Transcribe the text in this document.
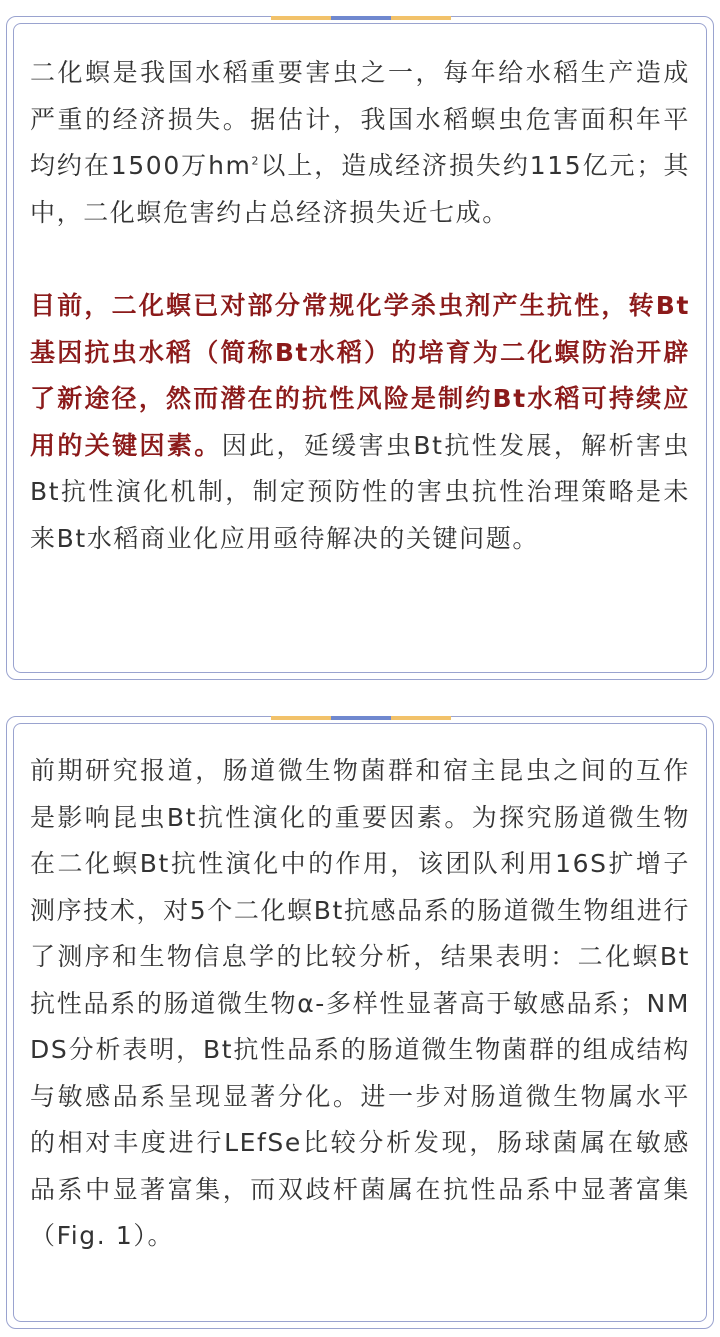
二化螟是我国水稻重要害虫之一，每年给水稻生产造成严重的经济损失。据估计，我国水稻螟虫危害面积年平均约在1500万$hm^2$以上，造成经济损失约115亿元；其中，二化螟危害约占总经济损失近七成。

目前，二化螟已对部分常规化学杀虫剂产生抗性，转Bt基因抗虫水稻（简称Bt水稻）的培育为二化螟防治开辟了新途径，然而潜在的抗性风险是制约Bt水稻可持续应用的关键因素。因此，延缓害虫Bt抗性发展，解析害虫Bt抗性演化机制，制定预防性的害虫抗性治理策略是未来Bt水稻商业化应用亟待解决的关键问题。

前期研究报道，肠道微生物菌群和宿主昆虫之间的互作是影响昆虫Bt抗性演化的重要因素。为探究肠道微生物在二化螟Bt抗性演化中的作用，该团队利用16S扩增子测序技术，对5个二化螟Bt抗感品系的肠道微生物组进行了测序和生物信息学的比较分析，结果表明：二化螟Bt抗性品系的肠道微生物α-多样性显著高于敏感品系；NMDS分析表明，Bt抗性品系的肠道微生物菌群的组成结构与敏感品系呈现显著分化。进一步对肠道微生物属水平的相对丰度进行LEfSe比较分析发现，肠球菌属在敏感品系中显著富集，而双歧杆菌属在抗性品系中显著富集（Fig. 1）。
